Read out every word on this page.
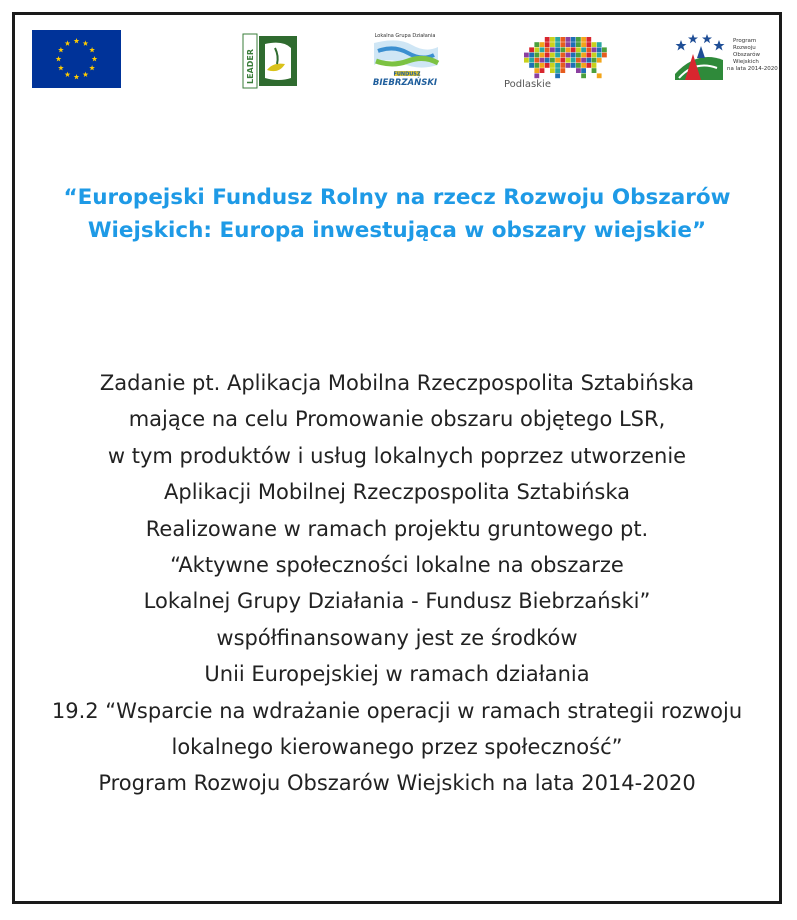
LEADER
Lokalna Grupa Działania
FUNDUSZ
BIEBRZAŃSKI	Podlaskie
Program
Rozwoju
Obszarów
Wiejskich
na lata 2014-2020
“Europejski Fundusz Rolny na rzecz Rozwoju Obszarów
Wiejskich: Europa inwestująca w obszary wiejskie”
Zadanie pt. Aplikacja Mobilna Rzeczpospolita Sztabińska
mające na celu Promowanie obszaru objętego LSR,
w tym produktów i usług lokalnych poprzez utworzenie
Aplikacji Mobilnej Rzeczpospolita Sztabińska
Realizowane w ramach projektu gruntowego pt.
“Aktywne społeczności lokalne na obszarze
Lokalnej Grupy Działania - Fundusz Biebrzański”
współfinansowany jest ze środków
Unii Europejskiej w ramach działania
19.2 “Wsparcie na wdrażanie operacji w ramach strategii rozwoju
lokalnego kierowanego przez społeczność”
Program Rozwoju Obszarów Wiejskich na lata 2014-2020
